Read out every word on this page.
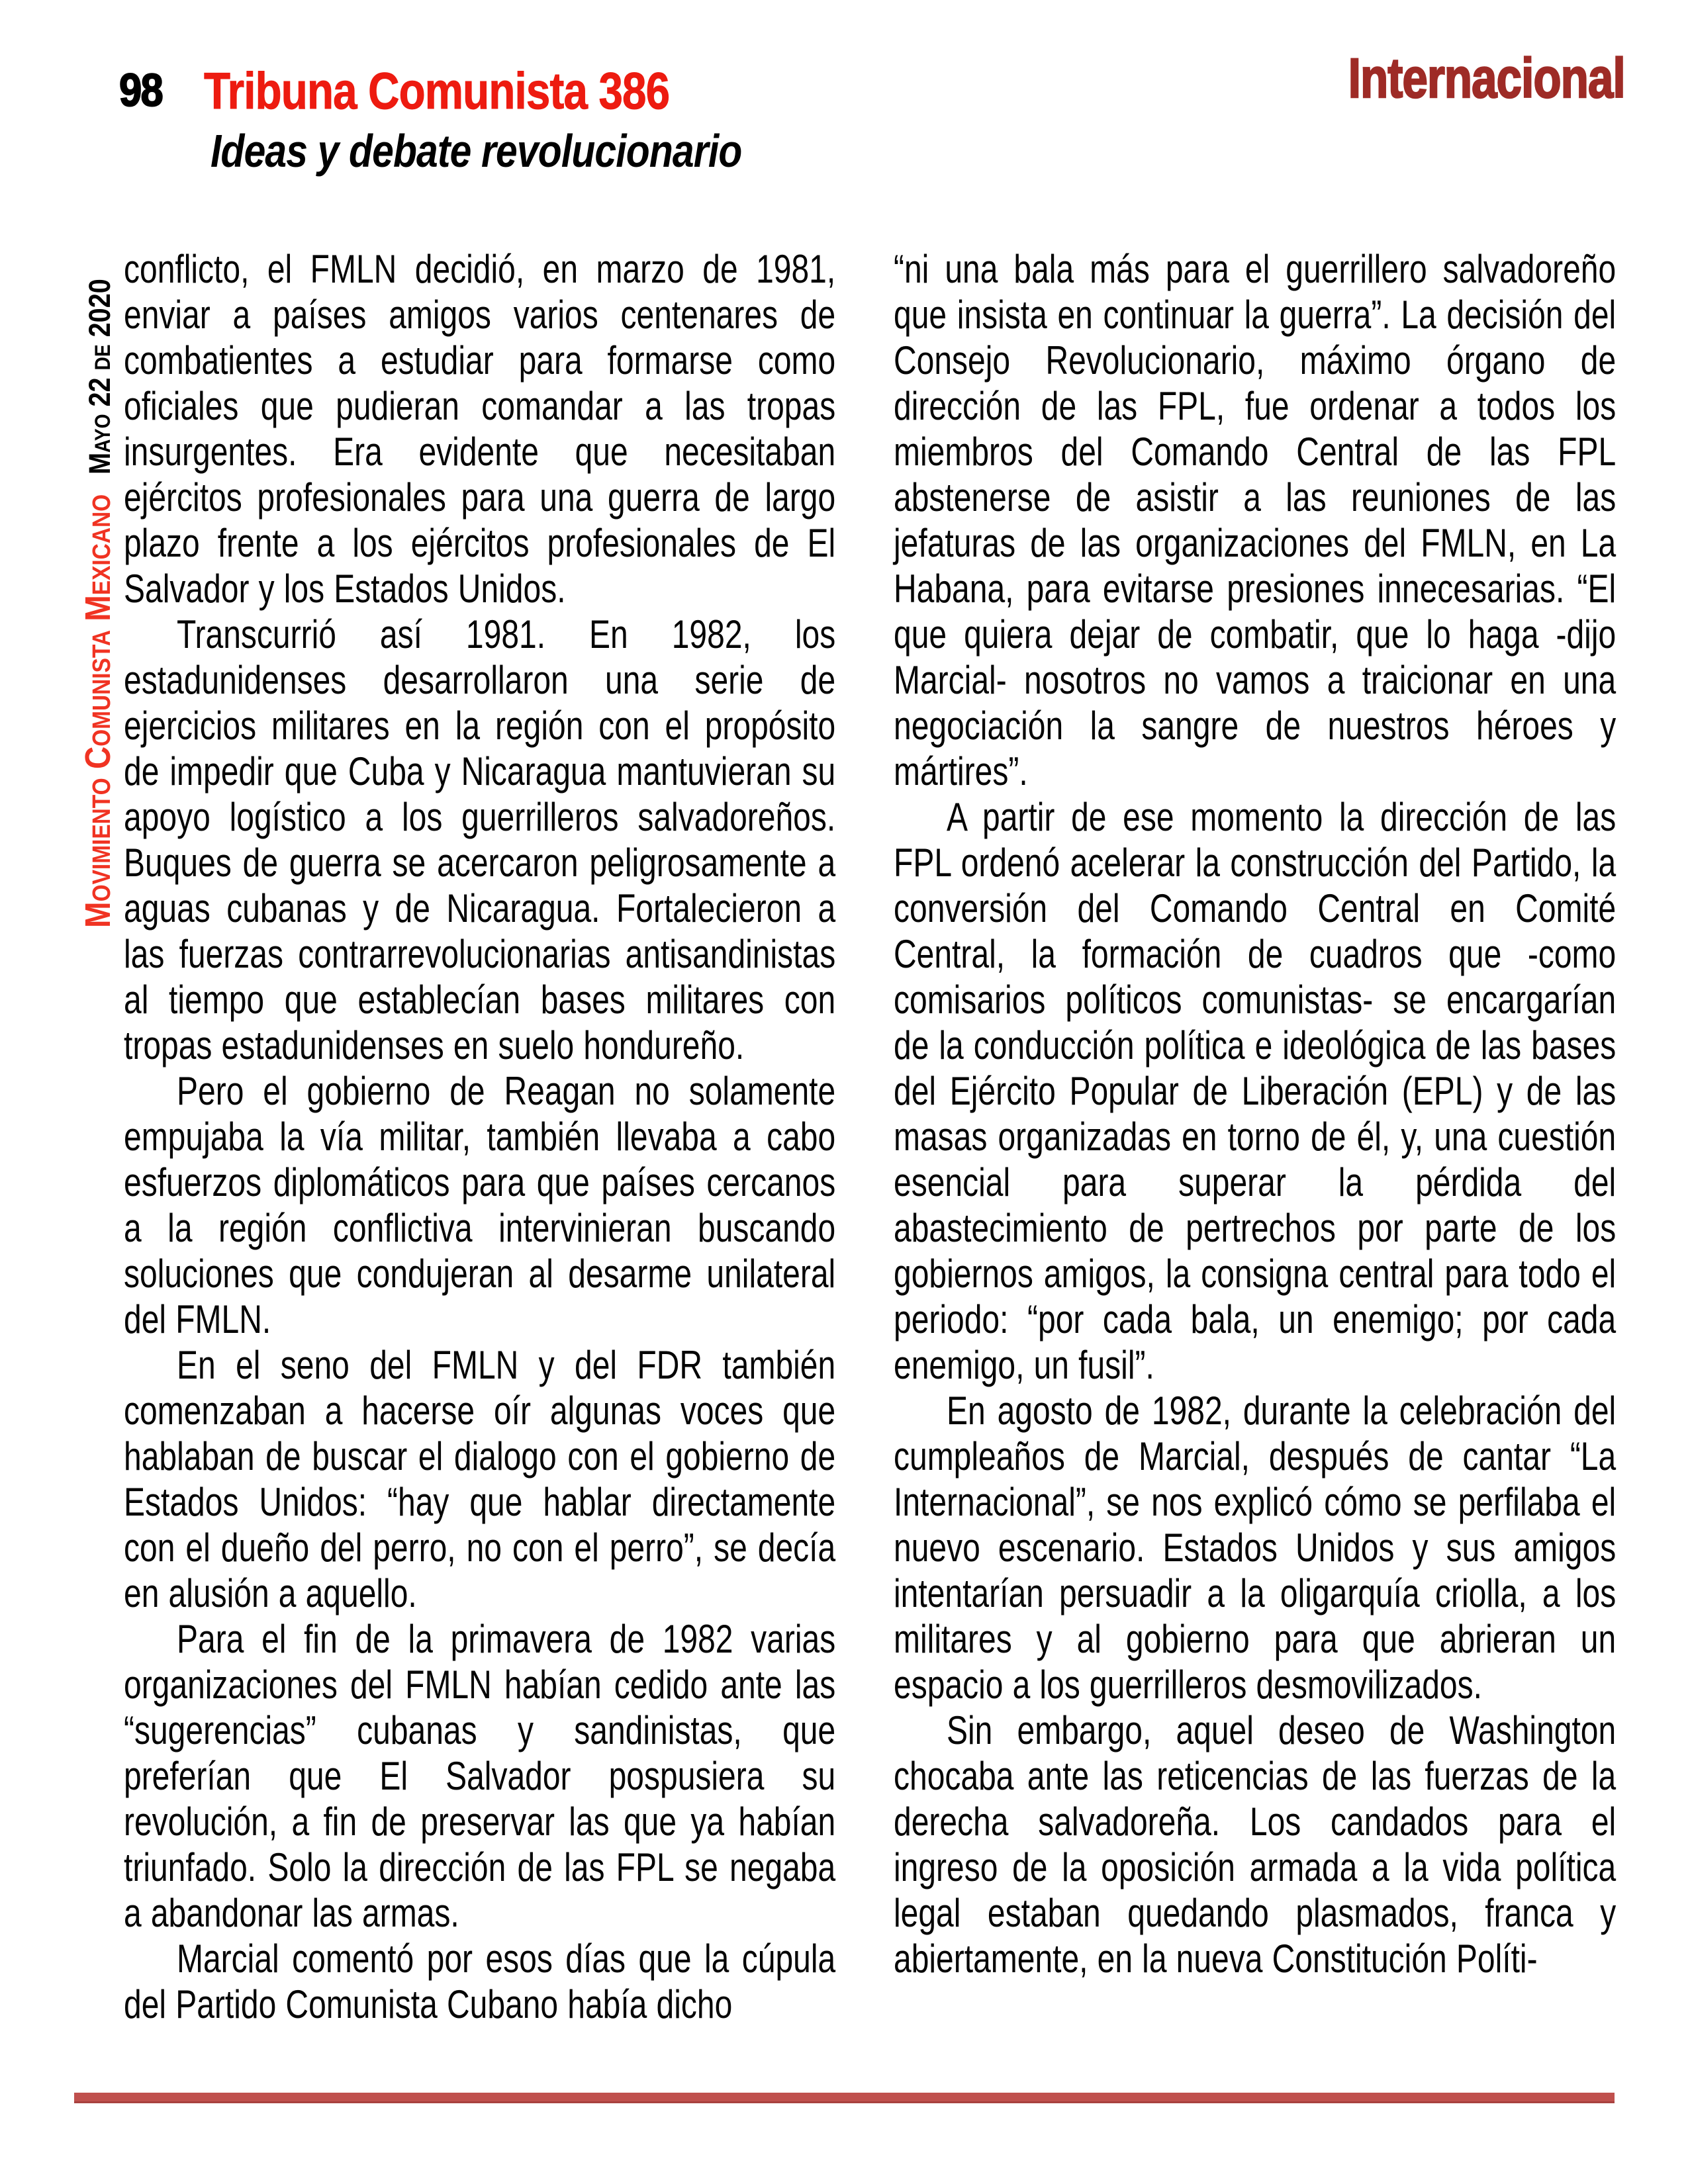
98 Tribuna Comunista 386
Ideas y debate revolucionario
Internacional
Movimiento Comunista MexicanoMayo 22 de 2020

conflicto, el FMLN decidió, en marzo de 1981, enviar a países amigos varios centenares de combatientes a estudiar para formarse como oficiales que pudieran comandar a las tropas insurgentes. Era evidente que necesitaban ejércitos profesionales para una guerra de largo plazo frente a los ejércitos profesionales de El Salvador y los Estados Unidos.

Transcurrió así 1981. En 1982, los estadunidenses desarrollaron una serie de ejercicios militares en la región con el propósito de impedir que Cuba y Nicaragua mantuvieran su apoyo logístico a los guerrilleros salvadoreños. Buques de guerra se acercaron peligrosamente a aguas cubanas y de Nicaragua. Fortalecieron a las fuerzas contrarrevolucionarias antisandinistas al tiempo que establecían bases militares con tropas estadunidenses en suelo hondureño.

Pero el gobierno de Reagan no solamente empujaba la vía militar, también llevaba a cabo esfuerzos diplomáticos para que países cercanos a la región conflictiva intervinieran buscando soluciones que condujeran al desarme unilateral del FMLN.

En el seno del FMLN y del FDR también comenzaban a hacerse oír algunas voces que hablaban de buscar el dialogo con el gobierno de Estados Unidos: “hay que hablar directamente con el dueño del perro, no con el perro”, se decía en alusión a aquello.

Para el fin de la primavera de 1982 varias organizaciones del FMLN habían cedido ante las “sugerencias” cubanas y sandinistas, que preferían que El Salvador pospusiera su revolución, a fin de preservar las que ya habían triunfado. Solo la dirección de las FPL se negaba a abandonar las armas.

Marcial comentó por esos días que la cúpula del Partido Comunista Cubano había dicho

“ni una bala más para el guerrillero salvadoreño que insista en continuar la guerra”. La decisión del Consejo Revolucionario, máximo órgano de dirección de las FPL, fue ordenar a todos los miembros del Comando Central de las FPL abstenerse de asistir a las reuniones de las jefaturas de las organizaciones del FMLN, en La Habana, para evitarse presiones innecesarias. “El que quiera dejar de combatir, que lo haga -dijo Marcial- nosotros no vamos a traicionar en una negociación la sangre de nuestros héroes y mártires”.

A partir de ese momento la dirección de las FPL ordenó acelerar la construcción del Partido, la conversión del Comando Central en Comité Central, la formación de cuadros que -como comisarios políticos comunistas- se encargarían de la conducción política e ideológica de las bases del Ejército Popular de Liberación (EPL) y de las masas organizadas en torno de él, y, una cuestión esencial para superar la pérdida del abastecimiento de pertrechos por parte de los gobiernos amigos, la consigna central para todo el periodo: “por cada bala, un enemigo; por cada enemigo, un fusil”.

En agosto de 1982, durante la celebración del cumpleaños de Marcial, después de cantar “La Internacional”, se nos explicó cómo se perfilaba el nuevo escenario. Estados Unidos y sus amigos intentarían persuadir a la oligarquía criolla, a los militares y al gobierno para que abrieran un espacio a los guerrilleros desmovilizados.

Sin embargo, aquel deseo de Washington chocaba ante las reticencias de las fuerzas de la derecha salvadoreña. Los candados para el ingreso de la oposición armada a la vida política legal estaban quedando plasmados, franca y abiertamente, en la nueva Constitución Políti-
